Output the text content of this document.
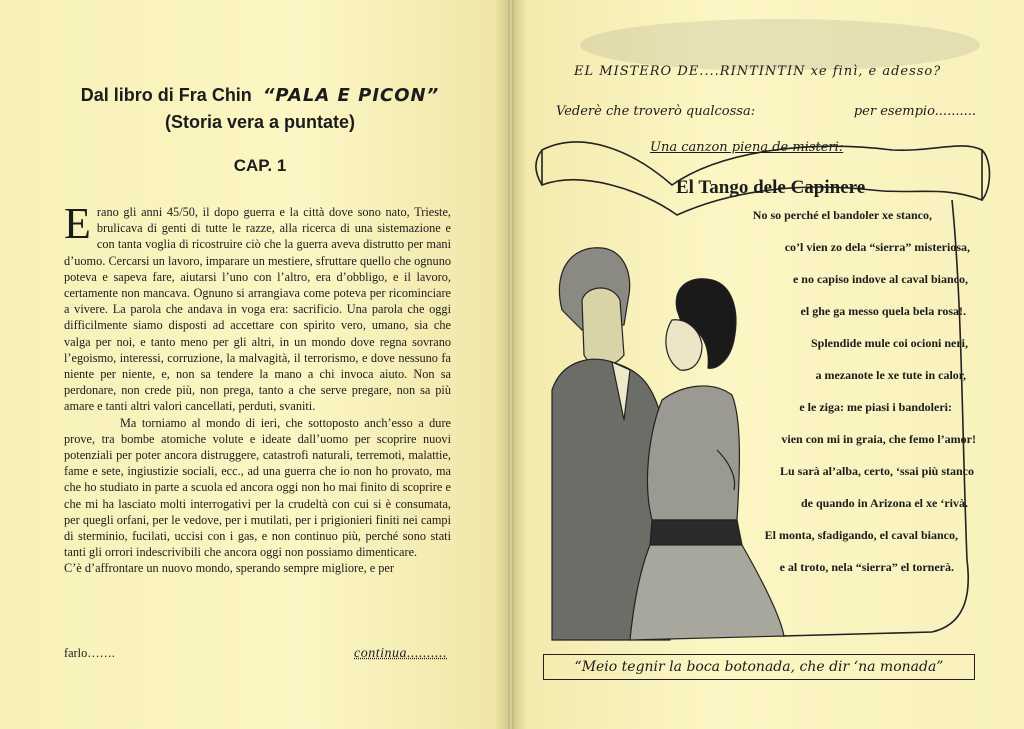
Dal libro di Fra Chin “PALA E PICON”
(Storia vera a puntate)
CAP. 1

Erano gli anni 45/50, il dopo guerra e la città dove sono nato, Trieste, brulicava di genti di tutte le razze, alla ricerca di una sistemazione e con tanta voglia di ricostruire ciò che la guerra aveva distrutto per mani d’uomo. Cercarsi un lavoro, imparare un mestiere, sfruttare quello che ognuno poteva e sapeva fare, aiutarsi l’uno con l’altro, era d’obbligo, e il lavoro, certamente non mancava. Ognuno si arrangiava come poteva per ricominciare a vivere. La parola che andava in voga era: sacrificio. Una parola che oggi difficilmente siamo disposti ad accettare con spirito vero, umano, sia che valga per noi, e tanto meno per gli altri, in un mondo dove regna sovrano l’egoismo, interessi, corruzione, la malvagità, il terrorismo, e dove nessuno fa niente per niente, e, non sa tendere la mano a chi invoca aiuto. Non sa perdonare, non crede più, non prega, tanto a che serve pregare, non sa più amare e tanti altri valori cancellati, perduti, svaniti.

Ma torniamo al mondo di ieri, che sottoposto anch’esso a dure prove, tra bombe atomiche volute e ideate dall’uomo per scoprire nuovi potenziali per poter ancora distruggere, catastrofi naturali, terremoti, malattie, fame e sete, ingiustizie sociali, ecc., ad una guerra che io non ho provato, ma che ho studiato in parte a scuola ed ancora oggi non ho mai finito di scoprire e che mi ha lasciato molti interrogativi per la crudeltà con cui si è consumata, per quegli orfani, per le vedove, per i mutilati, per i prigionieri finiti nei campi di sterminio, fucilati, uccisi con i gas, e non continuo più, perché sono stati tanti gli orrori indescrivibili che ancora oggi non possiamo dimenticare.

C’è d’affrontare un nuovo mondo, sperando sempre migliore, e per

farlo…….	continua..........
EL MISTERO DE....RINTINTIN xe finì, e adesso?
Vederè che troverò qualcossa:	per esempio..........
Una canzon piena de misteri:
El Tango dele Capinere
No so perché el bandoler xe stanco,
co’l vien zo dela “sierra” misteriosa,
e no capiso indove al caval bianco,
el ghe ga messo quela bela rosa!.
Splendide mule coi ocioni neri,
a mezanote le xe tute in calor,
e le ziga: me piasi i bandoleri:
vien con mi in graia, che femo l’amor!
Lu sarà al’alba, certo, ‘ssai più stanco
de quando in Arizona el xe ‘rivà.
El monta, sfadigando, el caval bianco,
e al troto, nela “sierra” el tornerà.
“Meio tegnir la boca botonada, che dir ‘na monada”
